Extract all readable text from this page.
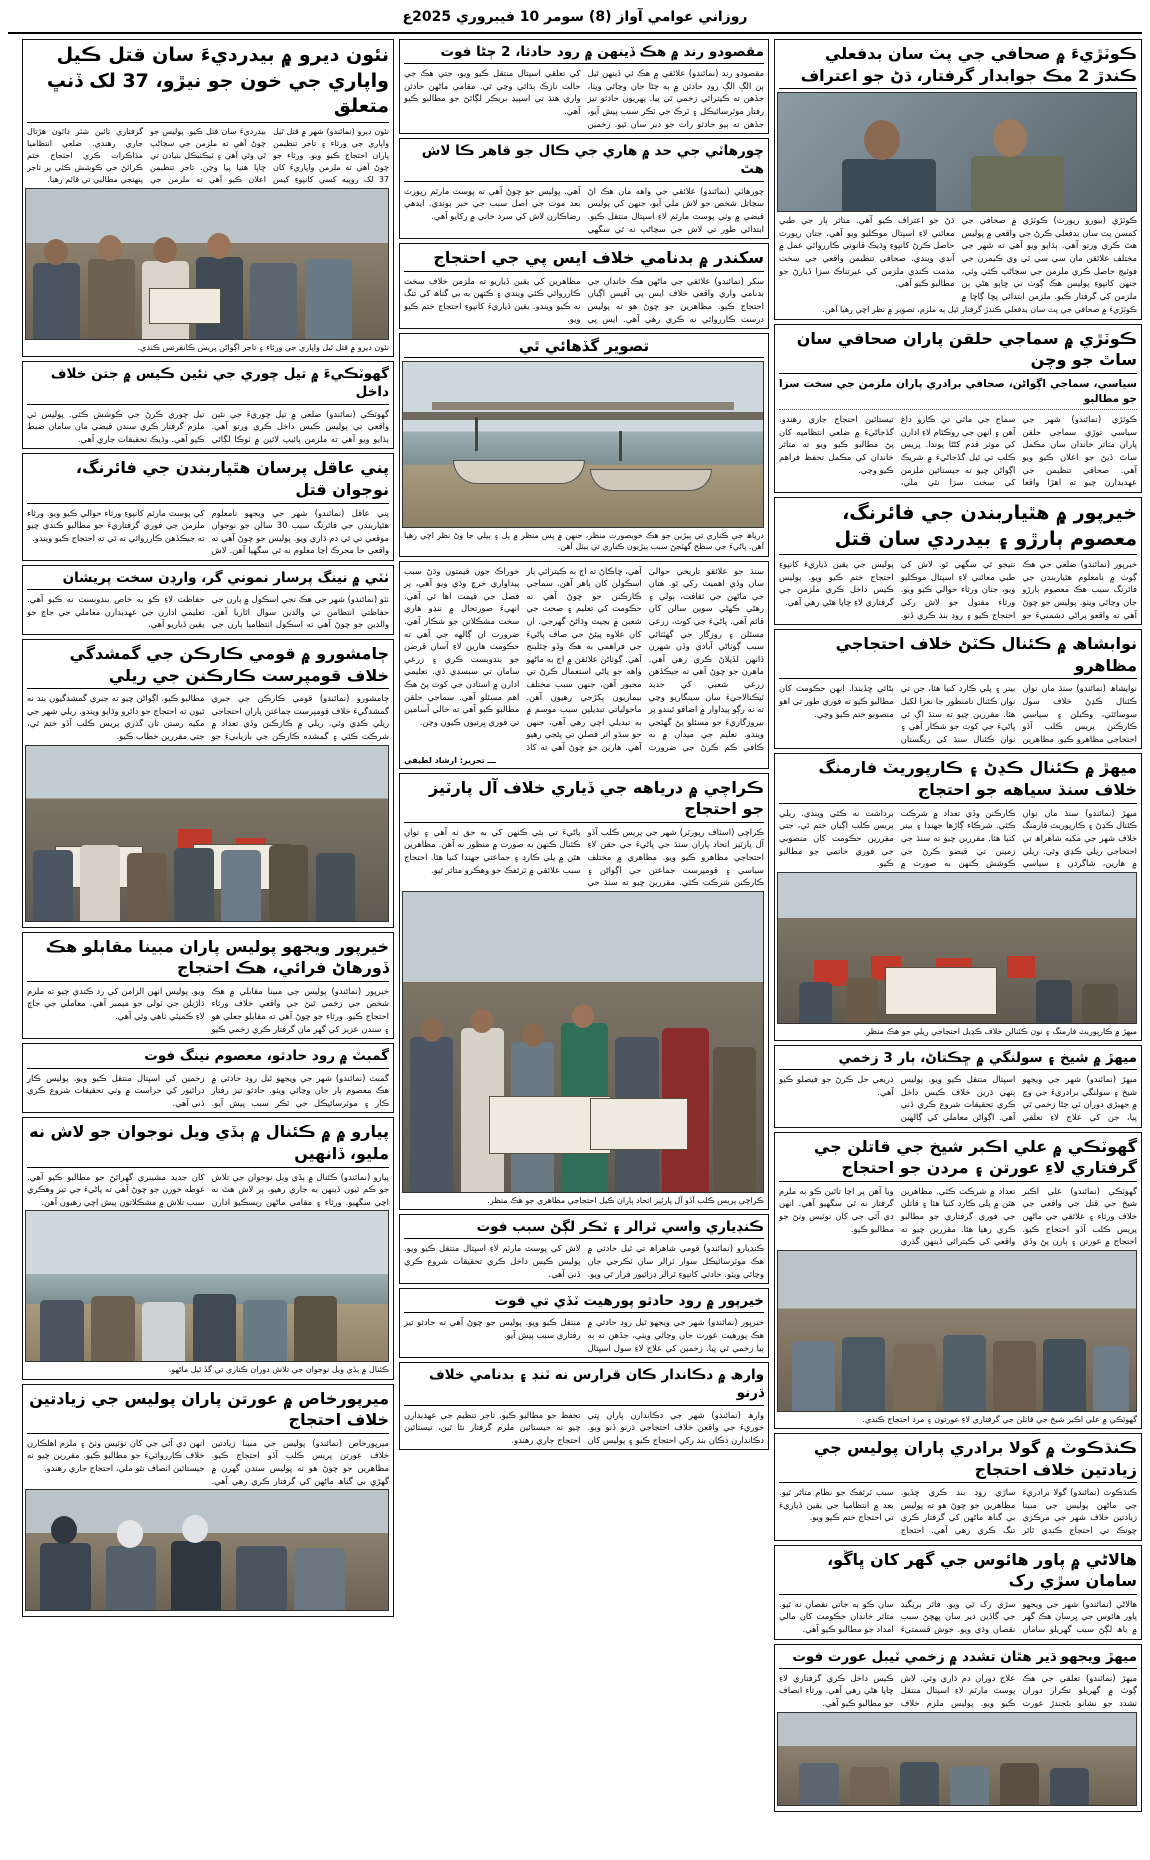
روزاني عوامي آواز (8) سومر 10 فيبروري 2025ع
ڪوٽڙيءَ ۾ صحافي جي پٽ سان بدفعلي ڪندڙ 2 مڪ جوابدار گرفتار، ڌڻ جو اعتراف
ڪوٽڙي (بيورو رپورٽ) ڪوٽڙي ۾ صحافي جي کمسن پٽ سان بدفعلي ڪرڻ جي واقعي ۾ پوليس هٿ ڪري ورتو آهي. ٻڌايو ويو آهي ته شهر جي مختلف علائقن مان سي سي ٽي وي ڪيمرن جي فوٽيج حاصل ڪري ملزمن جي سڃاڻپ ڪئي وئي، جنهن کانپوءِ پوليس هڪ ڳوٺ تي ڇاپو هڻي ٻن ملزمن کي گرفتار ڪيو. ملزمن ابتدائي پڇا ڳاڇا ۾ ڌڻ جو اعتراف ڪيو آهي. متاثر ٻار جي طبي معائني لاءِ اسپتال موڪليو ويو آهي، جتان رپورٽ حاصل ڪرڻ کانپوءِ وڌيڪ قانوني ڪارروائي عمل ۾ آندي ويندي. صحافي تنظيمن واقعي جي سخت مذمت ڪندي ملزمن کي عبرتناڪ سزا ڏيارڻ جو مطالبو ڪيو آهي.
ڪوٽڙيءَ ۾ صحافي جي پٽ سان بدفعلي ڪندڙ گرفتار ٿيل ٻه ملزم، تصوير ۾ نظر اچي رهيا آهن.
ڪوٽڙي ۾ سماجي حلقن پاران صحافي سان ساٿ جو وچن
سياسي، سماجي اڳواڻن، صحافي برادري پاران ملزمن جي سخت سزا جو مطالبو
ڪوٽڙي (نمائندو) شهر جي سياسي توڙي سماجي حلقن پاران متاثر خاندان سان مڪمل ساٿ ڏيڻ جو اعلان ڪيو ويو آهي. صحافي تنظيمن جي عهديدارن چيو ته اهڙا واقعا سماج جي ماٿي تي ڪارو داغ آهن ۽ انهن جي روڪٿام لاءِ ادارن کي موثر قدم کڻڻا پوندا. پريس ڪلب تي ٿيل گڏجاڻيءَ ۾ شريڪ اڳواڻن چيو ته جيستائين ملزمن کي سخت سزا نٿي ملي، تيستائين احتجاج جاري رهندو. گڏجاڻيءَ ۾ ضلعي انتظاميه کان پڻ مطالبو ڪيو ويو ته متاثر خاندان کي مڪمل تحفظ فراهم ڪيو وڃي.
خيرپور ۾ هٿياربندن جي فائرنگ، معصوم ٻارڙو ۽ بيدردي سان قتل
خيرپور (نمائندو) ضلعي جي هڪ ڳوٺ ۾ نامعلوم هٿياربندن جي فائرنگ سبب هڪ معصوم ٻارڙو جان وڃائي ويٺو. پوليس جو چوڻ آهي ته واقعو پراڻي دشمنيءَ جو نتيجو ٿي سگهي ٿو. لاش کي طبي معائني لاءِ اسپتال موڪليو ويو، جتان ورثاء حوالي ڪيو ويو. ورثاء مقتول جو لاش رکي احتجاج ڪيو ۽ روڊ بند ڪري ڏنو. پوليس جي يقين ڏياريءَ کانپوءِ احتجاج ختم ڪيو ويو. پوليس ڪيس داخل ڪري ملزمن جي گرفتاري لاءِ ڇاپا هڻي رهي آهي.
نوابشاھ ۾ ڪئنال ڪٽڻ خلاف احتجاجي مظاهرو
نوابشاھ (نمائندو) سنڌ مان نوان ڪئنال ڪڍڻ خلاف سول سوسائٽي، وڪيلن ۽ سياسي ڪارڪنن پريس ڪلب آڏو احتجاجي مظاهرو ڪيو. مظاهرين بينر ۽ پلي ڪارڊ کنيا هئا، جن تي نوان ڪئنال نامنظور جا نعرا لکيل هئا. مقررين چيو ته سنڌ اڳ ئي پاڻيءَ جي کوٽ جو شڪار آهي ۽ نوان ڪئنال سنڌ کي ريگستان بڻائي ڇڏيندا. انهن حڪومت کان مطالبو ڪيو ته فوري طور تي اهو منصوبو ختم ڪيو وڃي.
ميهڙ ۾ ڪئنال ڪڍڻ ۽ ڪارپوريٽ فارمنگ خلاف سنڌ سياهه جو احتجاج
ميهڙ (نمائندو) سنڌ مان نوان ڪئنال ڪڍڻ ۽ ڪارپوريٽ فارمنگ خلاف شهر جي مکيه شاهراھ تي احتجاجي ريلي ڪڍي وئي. ريلي ۾ هارين، شاگردن ۽ سياسي ڪارڪنن وڏي تعداد ۾ شرڪت ڪئي. شرڪاء ڳاڙها جهنڊا ۽ بينر کنيا هئا. مقررين چيو ته سنڌ جي زمينن تي قبضو ڪرڻ جي ڪوشش ڪنهن به صورت ۾ برداشت نه ڪئي ويندي. ريلي پريس ڪلب اڳيان ختم ٿي، جتي مقررين حڪومت کان منصوبي جي فوري خاتمي جو مطالبو ڪيو.
ميهڙ ۾ ڪارپوريٽ فارمنگ ۽ نون ڪئنالن خلاف ڪڍيل احتجاجي ريلي جو هڪ منظر.
ميهڙ ۾ شيخ ۽ سولنگي ۾ ڇڪتاڻ، ٻار 3 زخمي
ميهڙ (نمائندو) شهر جي ويجهو شيخ ۽ سولنگي برادريءَ جي وچ ۾ جهيڙي دوران ٽي ڄڻا زخمي ٿي پيا، جن کي علاج لاءِ تعلقي اسپتال منتقل ڪيو ويو. پوليس ٻنهي ڌرين خلاف ڪيس داخل ڪري تحقيقات شروع ڪري ڏني آهي. اڳواڻن معاملي کي ڳالهين ذريعي حل ڪرڻ جو فيصلو ڪيو آهي.
گھوٽڪي ۾ علي اڪبر شيخ جي قاتلن جي گرفتاري لاءِ عورتن ۽ مردن جو احتجاج
گھوٽڪي (نمائندو) علي اڪبر شيخ جي قتل جي واقعي جي خلاف ورثاء ۽ علائقي جي ماڻهن پريس ڪلب آڏو احتجاج ڪيو. احتجاج ۾ عورتن ۽ ٻارن پڻ وڏي تعداد ۾ شرڪت ڪئي. مظاهرين هٿن ۾ پلي ڪارڊ کنيا هئا ۽ قاتلن جي فوري گرفتاري جو مطالبو ڪري رهيا هئا. مقررين چيو ته واقعي کي ڪيترائي ڏينهن گذري ويا آهن پر اڃا تائين ڪو به ملزم گرفتار نه ٿي سگهيو آهي. انهن ڊي آئي جي کان نوٽيس وٺڻ جو مطالبو ڪيو.
گھوٽڪي ۾ علي اڪبر شيخ جي قاتلن جي گرفتاري لاءِ عورتون ۽ مرد احتجاج ڪندي.
ڪنڌڪوٽ ۾ گولا برادري پاران پوليس جي زيادتين خلاف احتجاج
ڪنڌڪوٽ (نمائندو) گولا برادريءَ جي ماڻهن پوليس جي مبينا زيادتين خلاف شهر جي مرڪزي چونڪ تي احتجاج ڪندي ٽائر ساڙي روڊ بند ڪري ڇڏيو. مظاهرين جو چوڻ هو ته پوليس بي گناھ ماڻهن کي گرفتار ڪري تنگ ڪري رهي آهي. احتجاج سبب ٽرئفڪ جو نظام متاثر ٿيو. بعد ۾ انتظاميا جي يقين ڏياريءَ تي احتجاج ختم ڪيو ويو.
هالاڻي ۾ پاور هائوس جي گهر کان ڀاڱو، سامان سڙي رک
هالاڻي (نمائندو) شهر جي ويجهو پاور هائوس جي ڀرسان هڪ گهر ۾ باھ لڳڻ سبب گهريلو سامان سڙي رک ٿي ويو. فائر بريگيڊ جي گاڏين دير سان پهچڻ سبب نقصان وڌي ويو. خوش قسمتيءَ سان ڪو به جاني نقصان نه ٿيو. متاثر خاندان حڪومت کان مالي امداد جو مطالبو ڪيو آهي.
ميهڙ ويجهو ڌير هٿان تشدد ۾ زخمي ٽيبل عورت فوت
ميهڙ (نمائندو) تعلقي جي هڪ ڳوٺ ۾ گهريلو تڪرار دوران تشدد جو نشانو بڻجندڙ عورت علاج دوران دم ڌاري وئي. لاش پوسٽ مارٽم لاءِ اسپتال منتقل ڪيو ويو. پوليس ملزم خلاف ڪيس داخل ڪري گرفتاري لاءِ ڇاپا هڻي رهي آهي. ورثاء انصاف جو مطالبو ڪيو آهي.
مقصودو رند ۾ هڪ ڏينهن ۾ رود حادثا، 2 ڄڻا فوت
مقصودو رند (نمائندو) علائقي ۾ هڪ ئي ڏينهن ٿيل ٻن الڳ الڳ روڊ حادثن ۾ ٻه ڄڻا جان وڃائي ويٺا، جڏهن ته ڪيترائي زخمي ٿي پيا. پهريون حادثو تيز رفتار موٽرسائيڪل ۽ ٽرڪ جي ٽڪر سبب پيش آيو، جڏهن ته ٻيو حادثو رات جو دير سان ٿيو. زخمين کي تعلقي اسپتال منتقل ڪيو ويو، جتي هڪ جي حالت نازڪ ٻڌائي وڃي ٿي. مقامي ماڻهن حادثن واري هنڌ تي اسپيڊ بريڪر لڳائڻ جو مطالبو ڪيو آهي.
چورهاٽي جي حد ۾ هاري جي ڪال جو قاهر ڪا لاش هٿ
چورهاٽي (نمائندو) علائقي جي واهه مان هڪ اڻ سڃاتل شخص جو لاش ملي آيو، جنهن کي پوليس قبضي ۾ وٺي پوسٽ مارٽم لاءِ اسپتال منتقل ڪيو. ابتدائي طور تي لاش جي سڃاڻپ نه ٿي سگهي آهي. پوليس جو چوڻ آهي ته پوسٽ مارٽم رپورٽ بعد موت جي اصل سبب جي خبر پوندي. ايدهي رضاڪارن لاش کي سرد خاني ۾ رکايو آهي.
سکندر ۾ بدنامي خلاف ايس پي جي احتجاج
سکر (نمائندو) علائقي جي ماڻهن هڪ خاندان جي بدنامي واري واقعي خلاف ايس پي آفيس اڳيان احتجاج ڪيو. مظاهرين جو چوڻ هو ته پوليس درست ڪارروائي نه ڪري رهي آهي. ايس پي مظاهرين کي يقين ڏياريو ته ملزمن خلاف سخت ڪارروائي ڪئي ويندي ۽ ڪنهن به بي گناھ کي تنگ نه ڪيو ويندو. يقين ڏياريءَ کانپوءِ احتجاج ختم ڪيو ويو.
تصوير گڏهائي ٿي
درياھ جي ڪناري تي ٻيڙين جو هڪ خوبصورت منظر، جنهن ۾ پس منظر ۾ پل ۽ ٻيلي جا وڻ نظر اچي رهيا آهن. پاڻيءَ جي سطح گهٽجڻ سبب ٻيڙيون ڪناري تي بيٺل آهن.
سنڌ جو علائقو تاريخي حوالي سان وڏي اهميت رکي ٿو. هتان جي ماڻهن جي ثقافت، ٻولي ۽ رهڻي ڪهڻي سوين سالن کان قائم آهي. پاڻيءَ جي کوٽ، زرعي مسئلن ۽ روزگار جي گهٽتائي سبب ڳوٺاڻي آبادي وڏن شهرن ڏانهن لڏپلاڻ ڪري رهي آهي. ماهرن جو چوڻ آهي ته جيڪڏهن زرعي شعبي کي جديد ٽيڪنالاجيءَ سان سينگاريو وڃي ته نه رڳو پيداوار ۾ اضافو ٿيندو پر بيروزگاريءَ جو مسئلو پڻ گهٽجي ويندو. تعليم جي ميدان ۾ به ڪافي ڪم ڪرڻ جي ضرورت آهي، ڇاڪاڻ ته اڄ به ڪيترائي ٻار اسڪولن کان ٻاهر آهن. سماجي ڪارڪنن جو چوڻ آهي ته حڪومت کي تعليم ۽ صحت جي شعبن ۾ بجيٽ وڌائڻ گهرجي. ان کان علاوه پيئڻ جي صاف پاڻيءَ جي فراهمي به هڪ وڏو چئلينج آهي. ڳوٺاڻن علائقن ۾ اڄ به ماڻهو واهه جو پاڻي استعمال ڪرڻ تي مجبور آهن، جنهن سبب مختلف بيماريون پکڙجي رهيون آهن. ماحولياتي تبديلين سبب موسم ۾ به تبديلي اچي رهي آهي، جنهن جو سڌو اثر فصلن تي پئجي رهيو آهي. هارين جو چوڻ آهي ته کاڌ خوراڪ جون قيمتون وڌڻ سبب پيداواري خرچ وڌي ويو آهي، پر فصل جي قيمت اها ئي آهي. انهيءَ صورتحال ۾ ننڍو هاري سخت مشڪلاتن جو شڪار آهي. ضرورت ان ڳالهه جي آهي ته حڪومت هارين لاءِ آسان قرضن جو بندوبست ڪري ۽ زرعي سامان تي سبسڊي ڏي. تعليمي ادارن ۾ استادن جي کوٽ پڻ هڪ اهم مسئلو آهي. سماجي حلقن مطالبو ڪيو آهي ته خالي آسامين تي فوري ڀرتيون ڪيون وڃن.
ـــ تحرير: ارشاد لطيفي
ڪراچي ۾ درياهه جي ڏياري خلاف آل پارٽيز جو احتجاج
ڪراچي (اسٽاف رپورٽر) شهر جي پريس ڪلب آڏو آل پارٽيز اتحاد پاران سنڌ جي پاڻيءَ جي حقن لاءِ احتجاجي مظاهرو ڪيو ويو. مظاهري ۾ مختلف سياسي ۽ قومپرست جماعتن جي اڳواڻن ۽ ڪارڪنن شرڪت ڪئي. مقررين چيو ته سنڌ جي پاڻيءَ تي ٻئي ڪنهن کي به حق نه آهي ۽ نوان ڪئنال ڪنهن به صورت ۾ منظور نه آهن. مظاهرين هٿن ۾ پلي ڪارڊ ۽ جماعتي جهنڊا کنيا هئا. احتجاج سبب علائقي ۾ ٽرئفڪ جو وهڪرو متاثر ٿيو.
ڪراچي پريس ڪلب آڏو آل پارٽيز اتحاد پاران ڪيل احتجاجي مظاهري جو هڪ منظر.
ڪنڊياري واسي ٽرالر ۽ ٽڪر لڳڻ سبب فوت
ڪنڊيارو (نمائندو) قومي شاهراھ تي ٿيل حادثي ۾ هڪ موٽرسائيڪل سوار ٽرالر سان ٽڪرجي جان وڃائي ويٺو. حادثي کانپوءِ ٽرالر ڊرائيور فرار ٿي ويو. لاش کي پوسٽ مارٽم لاءِ اسپتال منتقل ڪيو ويو. پوليس ڪيس داخل ڪري تحقيقات شروع ڪري ڏني آهي.
خيرپور ۾ رود حادثو پورهيت ٽڏي تي فوت
خيرپور (نمائندو) شهر جي ويجهو ٿيل روڊ حادثي ۾ هڪ پورهيت عورت جان وڃائي ويٺي، جڏهن ته ٻه ٻيا زخمي ٿي پيا. زخمين کي علاج لاءِ سول اسپتال منتقل ڪيو ويو. پوليس جو چوڻ آهي ته حادثو تيز رفتاري سبب پيش آيو.
وارھ ۾ دڪاندار ڪان قرارس نه ٽنڊ ۽ بدنامي خلاف ڌرنو
وارھ (نمائندو) شهر جي دڪاندارن پاران ڀتي خوريءَ جي واقعن خلاف احتجاجي ڌرنو ڏنو ويو. دڪاندارن دڪان بند رکي احتجاج ڪيو ۽ پوليس کان تحفظ جو مطالبو ڪيو. تاجر تنظيم جي عهديدارن چيو ته جيستائين ملزم گرفتار نٿا ٿين، تيستائين احتجاج جاري رهندو.
نئون ديرو ۾ بيدرديءَ سان قتل ڪيل واپاري جي خون جو نيڙو، 37 لک ڏنڀ متعلق
نئون ديرو (نمائندو) شهر ۾ قتل ٿيل واپاري جي ورثاء ۽ تاجر تنظيمن پاران احتجاج ڪيو ويو. ورثاء جو چوڻ آهي ته ملزمن واپاريءَ کان 37 لک روپيه کسي کانپوءِ کيس بيدرديءَ سان قتل ڪيو. پوليس جو چوڻ آهي ته ملزمن جي سڃاڻپ ٿي وئي آهي ۽ ٽيڪنيڪل بنيادن تي ڇاپا هنيا پيا وڃن. تاجر تنظيمن اعلان ڪيو آهي ته ملزمن جي گرفتاري تائين شٽر ڊائون هڙتال جاري رهندي. ضلعي انتظاميا مذاڪرات ڪري احتجاج ختم ڪرائڻ جي ڪوشش ڪئي پر تاجر پنهنجي مطالبي تي قائم رهيا.
نئون ديرو ۾ قتل ٿيل واپاري جي ورثاء ۽ تاجر اڳواڻن پريس ڪانفرنس ڪندي.
گهوٽڪيءَ ۾ تيل چوري جي نئين ڪيس ۾ جتن خلاف داخل
گهوٽڪي (نمائندو) ضلعي ۾ تيل چوريءَ جي نئين واقعي تي پوليس ڪيس داخل ڪري ورتو آهي. ٻڌايو ويو آهي ته ملزمن پائيپ لائين ۾ ٽوڪا لڳائي تيل چوري ڪرڻ جي ڪوشش ڪئي. پوليس ٽي ملزم گرفتار ڪري سندن قبضي مان سامان ضبط ڪيو آهي. وڌيڪ تحقيقات جاري آهي.
پني عاقل پرسان هٿياربندن جي فائرنگ، نوجوان قتل
پني عاقل (نمائندو) شهر جي ويجهو نامعلوم هٿياربندن جي فائرنگ سبب 30 سالن جو نوجوان موقعي تي ئي دم ڌاري ويو. پوليس جو چوڻ آهي ته واقعي جا محرڪ اڃا معلوم نه ٿي سگهيا آهن. لاش کي پوسٽ مارٽم کانپوءِ ورثاء حوالي ڪيو ويو. ورثاء ملزمن جي فوري گرفتاريءَ جو مطالبو ڪندي چيو ته جيڪڏهن ڪارروائي نه ٿي ته احتجاج ڪيو ويندو.
ٺٽي ۾ نينگ پرسار نموني گر، وارڊن سخت پريشان
ٺٽو (نمائندو) شهر جي هڪ نجي اسڪول ۾ ٻارن جي حفاظتي انتظامن تي والدين سوال اٿاريا آهن. والدين جو چوڻ آهي ته اسڪول انتظاميا ٻارن جي حفاظت لاءِ ڪو به خاص بندوبست نه ڪيو آهي. تعليمي ادارن جي عهديدارن معاملي جي جاچ جو يقين ڏياريو آهي.
ڄامشورو ۾ قومي ڪارڪن جي گمشدگي خلاف قومپرست ڪارڪنن جي ريلي
ڄامشورو (نمائندو) قومي ڪارڪن جي جبري گمشدگيءَ خلاف قومپرست جماعتن پاران احتجاجي ريلي ڪڍي وئي. ريلي ۾ ڪارڪنن وڏي تعداد ۾ شرڪت ڪئي ۽ گمشده ڪارڪن جي بازيابيءَ جو مطالبو ڪيو. اڳواڻن چيو ته جبري گمشدگيون بند نه ٿيون ته احتجاج جو دائرو وڌايو ويندو. ريلي شهر جي مکيه رستن تان گذري پريس ڪلب آڏو ختم ٿي، جتي مقررين خطاب ڪيو.
خيرپور ويجهو پوليس پاران مبينا مقابلو هڪ ڏورهاڻ فرائي، هڪ احتجاج
خيرپور (نمائندو) پوليس جي مبينا مقابلي ۾ هڪ شخص جي زخمي ٿيڻ جي واقعي خلاف ورثاء احتجاج ڪيو. ورثاء جو چوڻ آهي ته مقابلو جعلي هو ۽ سندن عزيز کي گهر مان گرفتار ڪري زخمي ڪيو ويو. پوليس انهن الزامن کي رد ڪندي چيو ته ملزم ڌاڙيلن جي ٽولي جو ميمبر آهي. معاملي جي جاچ لاءِ ڪميٽي ٺاهي وئي آهي.
گمبٽ ۾ رود حادثو، معصوم نينگ فوت
گمبٽ (نمائندو) شهر جي ويجهو ٿيل روڊ حادثي ۾ هڪ معصوم ٻار جان وڃائي ويٺو. حادثو تيز رفتار ڪار ۽ موٽرسائيڪل جي ٽڪر سبب پيش آيو. زخمين کي اسپتال منتقل ڪيو ويو. پوليس ڪار ڊرائيور کي حراست ۾ وٺي تحقيقات شروع ڪري ڏني آهي.
پيارو ۾ ۾ ڪئنال ۾ ٻڏي ويل نوجوان جو لاش نه مليو، ڏانهيں
پيارو (نمائندو) ڪئنال ۾ ٻڏي ويل نوجوان جي تلاش جو ڪم ٽيون ڏينهن به جاري رهيو، پر لاش هٿ نه اچي سگهيو. ورثاء ۽ مقامي ماڻهن ريسڪيو ادارن کان جديد مشينري گهرائڻ جو مطالبو ڪيو آهي. غوطه خورن جو چوڻ آهي ته پاڻيءَ جي تيز وهڪري سبب تلاش ۾ مشڪلاتون پيش اچي رهيون آهن.
ڪئنال ۾ ٻڏي ويل نوجوان جي تلاش دوران ڪناري تي گڏ ٿيل ماڻهو.
ميرپورخاص ۾ عورتن پاران پوليس جي زيادتين خلاف احتجاج
ميرپورخاص (نمائندو) پوليس جي مبينا زيادتين خلاف عورتن پريس ڪلب آڏو احتجاج ڪيو. مظاهرين جو چوڻ هو ته پوليس سندن گهرن ۾ گهڙي بي گناھ ماڻهن کي گرفتار ڪري رهي آهي. انهن ڊي آئي جي کان نوٽيس وٺڻ ۽ ملزم اهلڪارن خلاف ڪارروائيءَ جو مطالبو ڪيو. مقررين چيو ته جيستائين انصاف نٿو ملي، احتجاج جاري رهندو.
